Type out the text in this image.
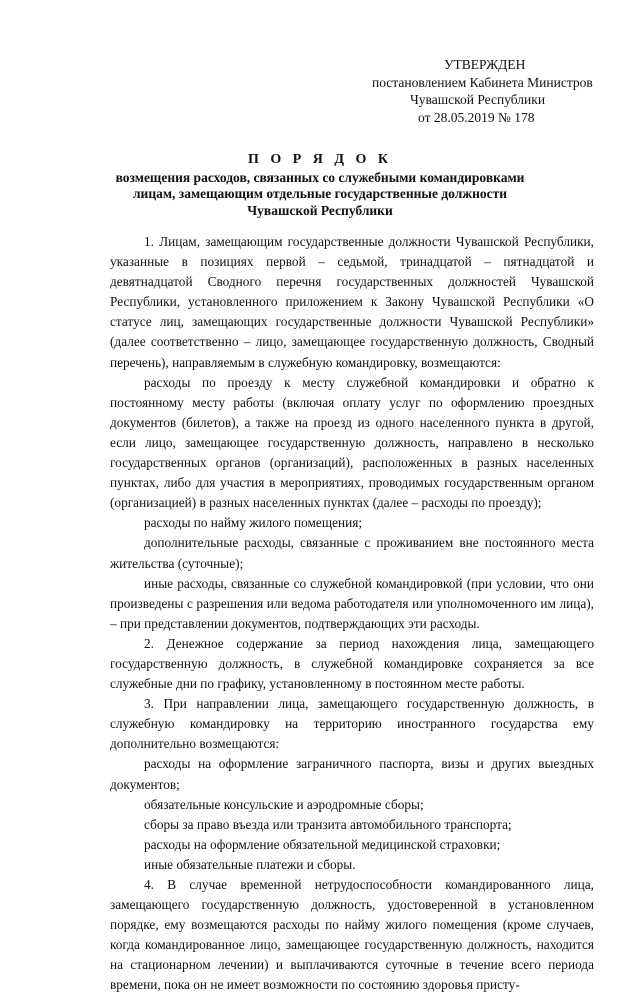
УТВЕРЖДЕН
постановлением Кабинета Министров
Чувашской Республики
от 28.05.2019 № 178
П О Р Я Д О К
возмещения расходов, связанных со служебными командировками
лицам, замещающим отдельные государственные должности
Чувашской Республики

1. Лицам, замещающим государственные должности Чувашской Республики, указанные в позициях первой – седьмой, тринадцатой – пятнадцатой и девятнадцатой Сводного перечня государственных должностей Чувашской Республики, установленного приложением к Закону Чувашской Республики «О статусе лиц, замещающих государственные должности Чувашской Республики» (далее соответственно – лицо, замещающее государственную должность, Сводный перечень), направляемым в служебную командировку, возмещаются:

расходы по проезду к месту служебной командировки и обратно к постоянному месту работы (включая оплату услуг по оформлению проездных документов (билетов), а также на проезд из одного населенного пункта в другой, если лицо, замещающее государственную должность, направлено в несколько государственных органов (организаций), расположенных в разных населенных пунктах, либо для участия в мероприятиях, проводимых государственным органом (организацией) в разных населенных пунктах (далее – расходы по проезду);

расходы по найму жилого помещения;

дополнительные расходы, связанные с проживанием вне постоянного места жительства (суточные);

иные расходы, связанные со служебной командировкой (при условии, что они произведены с разрешения или ведома работодателя или уполномоченного им лица), – при представлении документов, подтверждающих эти расходы.

2. Денежное содержание за период нахождения лица, замещающего государственную должность, в служебной командировке сохраняется за все служебные дни по графику, установленному в постоянном месте работы.

3. При направлении лица, замещающего государственную должность, в служебную командировку на территорию иностранного государства ему дополнительно возмещаются:

расходы на оформление заграничного паспорта, визы и других выездных документов;

обязательные консульские и аэродромные сборы;

сборы за право въезда или транзита автомобильного транспорта;

расходы на оформление обязательной медицинской страховки;

иные обязательные платежи и сборы.

4. В случае временной нетрудоспособности командированного лица, замещающего государственную должность, удостоверенной в установленном порядке, ему возмещаются расходы по найму жилого помещения (кроме случаев, когда командированное лицо, замещающее государственную должность, находится на стационарном лечении) и выплачиваются суточные в течение всего периода времени, пока он не имеет возможности по состоянию здоровья присту-
